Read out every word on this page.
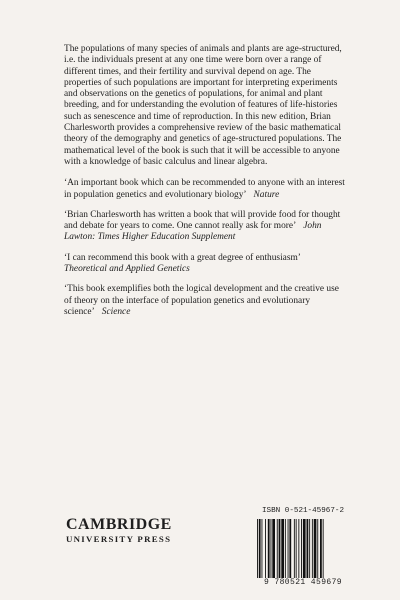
The populations of many species of animals and plants are age-structured, i.e. the individuals present at any one time were born over a range of different times, and their fertility and survival depend on age. The properties of such populations are important for interpreting experiments and observations on the genetics of populations, for animal and plant breeding, and for understanding the evolution of features of life-histories such as senescence and time of reproduction. In this new edition, Brian Charlesworth provides a comprehensive review of the basic mathematical theory of the demography and genetics of age-structured populations. The mathematical level of the book is such that it will be accessible to anyone with a knowledge of basic calculus and linear algebra.

‘An important book which can be recommended to anyone with an interest in population genetics and evolutionary biology’ Nature

‘Brian Charlesworth has written a book that will provide food for thought and debate for years to come. One cannot really ask for more’ John Lawton: Times Higher Education Supplement

‘I can recommend this book with a great degree of enthusiasm’
Theoretical and Applied Genetics

‘This book exemplifies both the logical development and the creative use of theory on the interface of population genetics and evolutionary science’ Science

CAMBRIDGE
UNIVERSITY PRESS
ISBN 0-521-45967-2
9 780521 459679
